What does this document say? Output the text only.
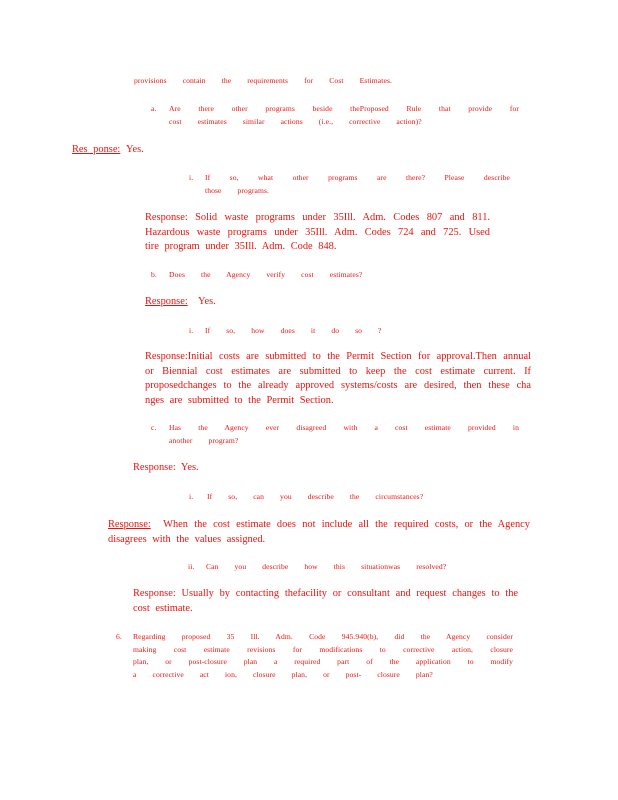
provisions contain the requirements for Cost Estimates.

a. Are there other programs beside theProposed Rule that provide for cost estimates similar actions (i.e., corrective action)?

Res ponse: Yes.
i. If so, what other programs are there? Please describe those programs.

Response: Solid waste programs under 35Ill. Adm. Codes 807 and 811. Hazardous waste programs under 35Ill. Adm. Codes 724 and 725. Used tire program under 35Ill. Adm. Code 848.

b. Does the Agency verify cost estimates?

Response: Yes.
i. If so, how does it do so ?

Response:Initial costs are submitted to the Permit Section for approval.Then annual or Biennial cost estimates are submitted to keep the cost estimate current. If proposedchanges to the already approved systems/costs are desired, then these cha nges are submitted to the Permit Section.

c. Has the Agency ever disagreed with a cost estimate provided in another program?

Response: Yes.

i. If so, can you describe the circumstances?

Response: When the cost estimate does not include all the required costs, or the Agency disagrees with the values assigned.

ii. Can you describe how this situationwas resolved?

Response: Usually by contacting thefacility or consultant and request changes to the cost estimate.

6. Regarding proposed 35 Ill. Adm. Code 945.940(b), did the Agency consider making cost estimate revisions for modifications to corrective action, closure plan, or post-closure plan a required part of the application to modify a corrective act ion, closure plan, or post- closure plan?
